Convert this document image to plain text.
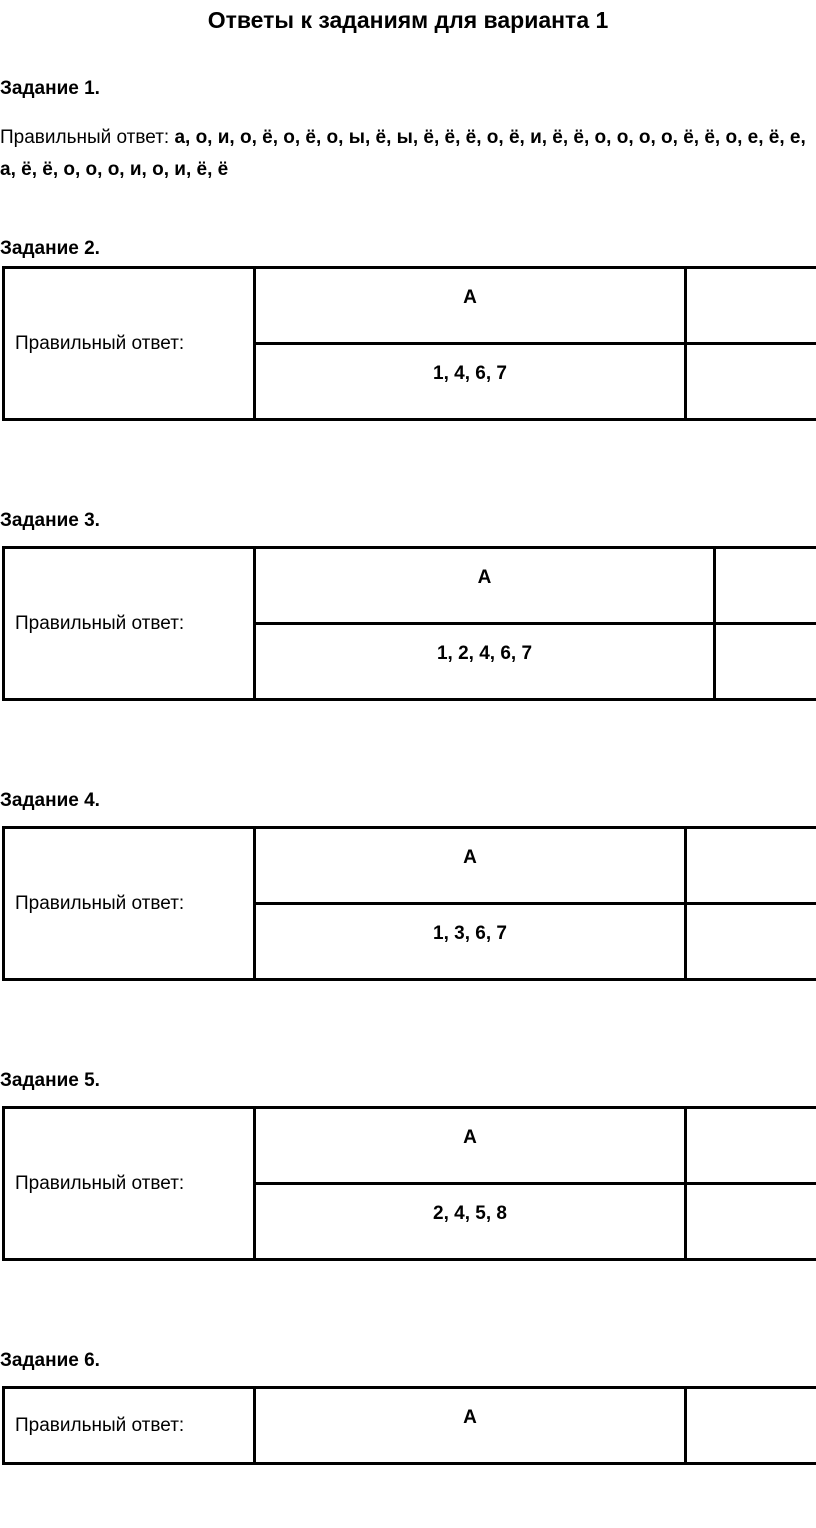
Ответы к заданиям для варианта 1
Задание 1.
Правильный ответ: а, о, и, о, ё, о, ё, о, ы, ё, ы, ё, ё, ё, о, ё, и, ё, ё, о, о, о, о, ё, ё, о, е, ё, е, а, ё, ё, о, о, о, и, о, и, ё, ё
Задание 2.
Правильный ответ:	А	
	1, 4, 6, 7	
Задание 3.
Правильный ответ:	А	
	1, 2, 4, 6, 7	
Задание 4.
Правильный ответ:	А	
	1, 3, 6, 7	
Задание 5.
Правильный ответ:	А	
	2, 4, 5, 8	
Задание 6.
Правильный ответ:	А	
